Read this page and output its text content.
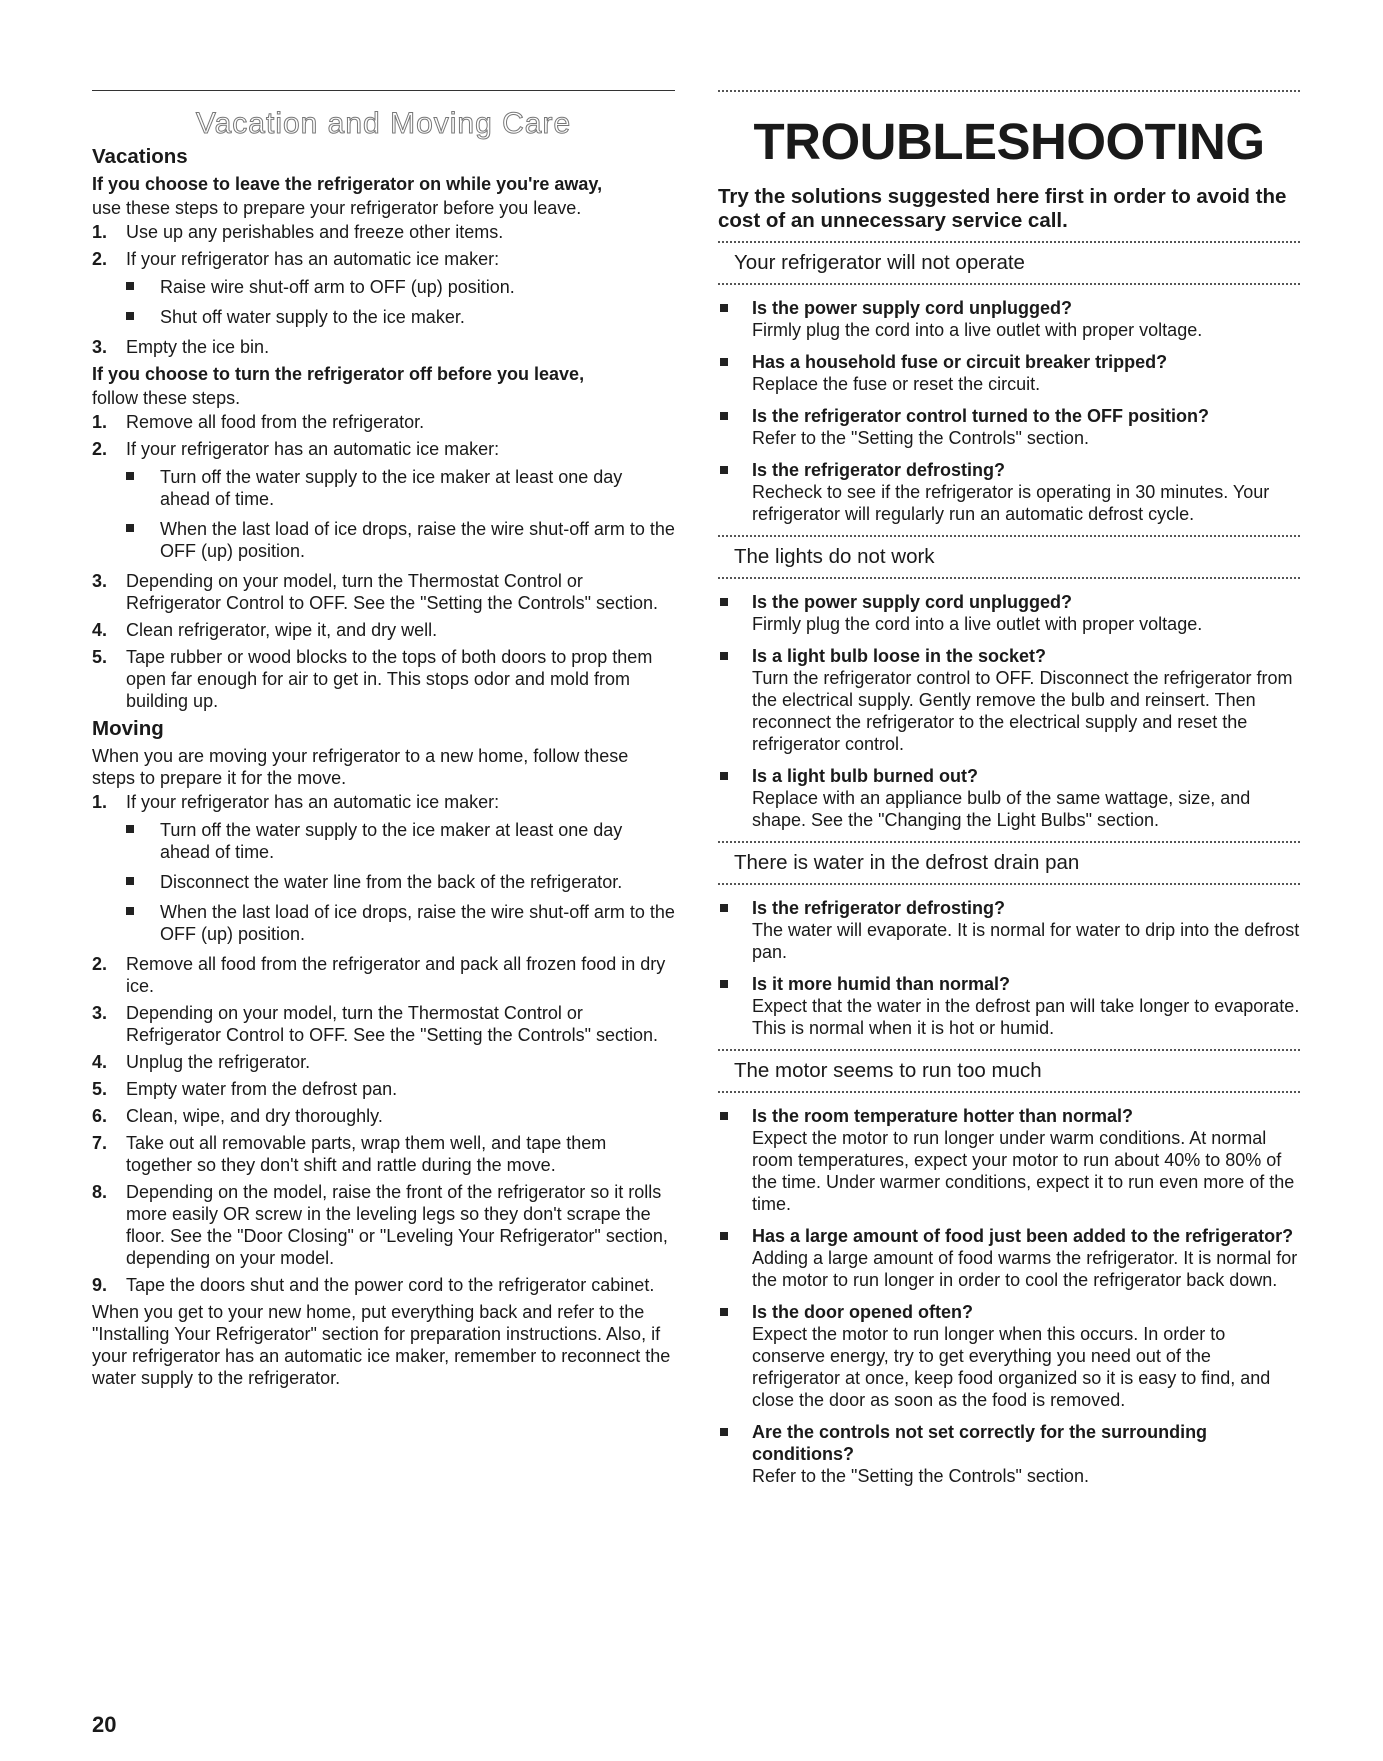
Vacation and Moving Care
Vacations

If you choose to leave the refrigerator on while you're away,

use these steps to prepare your refrigerator before you leave.

1.	Use up any perishables and freeze other items.
2.	If your refrigerator has an automatic ice maker:
Raise wire shut-off arm to OFF (up) position.
Shut off water supply to the ice maker.
3.	Empty the ice bin.

If you choose to turn the refrigerator off before you leave,

follow these steps.

1.	Remove all food from the refrigerator.
2.	If your refrigerator has an automatic ice maker:
Turn off the water supply to the ice maker at least one day ahead of time.
When the last load of ice drops, raise the wire shut-off arm to the OFF (up) position.
3.	Depending on your model, turn the Thermostat Control or Refrigerator Control to OFF. See the "Setting the Controls" section.
4.	Clean refrigerator, wipe it, and dry well.
5.	Tape rubber or wood blocks to the tops of both doors to prop them open far enough for air to get in. This stops odor and mold from building up.
Moving

When you are moving your refrigerator to a new home, follow these steps to prepare it for the move.

1.	If your refrigerator has an automatic ice maker:
Turn off the water supply to the ice maker at least one day ahead of time.
Disconnect the water line from the back of the refrigerator.
When the last load of ice drops, raise the wire shut-off arm to the OFF (up) position.
2.	Remove all food from the refrigerator and pack all frozen food in dry ice.
3.	Depending on your model, turn the Thermostat Control or Refrigerator Control to OFF. See the "Setting the Controls" section.
4.	Unplug the refrigerator.
5.	Empty water from the defrost pan.
6.	Clean, wipe, and dry thoroughly.
7.	Take out all removable parts, wrap them well, and tape them together so they don't shift and rattle during the move.
8.	Depending on the model, raise the front of the refrigerator so it rolls more easily OR screw in the leveling legs so they don't scrape the floor. See the "Door Closing" or "Leveling Your Refrigerator" section, depending on your model.
9.	Tape the doors shut and the power cord to the refrigerator cabinet.

When you get to your new home, put everything back and refer to the "Installing Your Refrigerator" section for preparation instructions. Also, if your refrigerator has an automatic ice maker, remember to reconnect the water supply to the refrigerator.

TROUBLESHOOTING
Try the solutions suggested here first in order to avoid the cost of an unnecessary service call.
Your refrigerator will not operate
Is the power supply cord unplugged?
Firmly plug the cord into a live outlet with proper voltage.
Has a household fuse or circuit breaker tripped?
Replace the fuse or reset the circuit.
Is the refrigerator control turned to the OFF position?
Refer to the "Setting the Controls" section.
Is the refrigerator defrosting?
Recheck to see if the refrigerator is operating in 30 minutes. Your refrigerator will regularly run an automatic defrost cycle.
The lights do not work
Is the power supply cord unplugged?
Firmly plug the cord into a live outlet with proper voltage.
Is a light bulb loose in the socket?
Turn the refrigerator control to OFF. Disconnect the refrigerator from the electrical supply. Gently remove the bulb and reinsert. Then reconnect the refrigerator to the electrical supply and reset the refrigerator control.
Is a light bulb burned out?
Replace with an appliance bulb of the same wattage, size, and shape. See the "Changing the Light Bulbs" section.
There is water in the defrost drain pan
Is the refrigerator defrosting?
The water will evaporate. It is normal for water to drip into the defrost pan.
Is it more humid than normal?
Expect that the water in the defrost pan will take longer to evaporate. This is normal when it is hot or humid.
The motor seems to run too much
Is the room temperature hotter than normal?
Expect the motor to run longer under warm conditions. At normal room temperatures, expect your motor to run about 40% to 80% of the time. Under warmer conditions, expect it to run even more of the time.
Has a large amount of food just been added to the refrigerator?
Adding a large amount of food warms the refrigerator. It is normal for the motor to run longer in order to cool the refrigerator back down.
Is the door opened often?
Expect the motor to run longer when this occurs. In order to conserve energy, try to get everything you need out of the refrigerator at once, keep food organized so it is easy to find, and close the door as soon as the food is removed.
Are the controls not set correctly for the surrounding conditions?
Refer to the "Setting the Controls" section.
20
